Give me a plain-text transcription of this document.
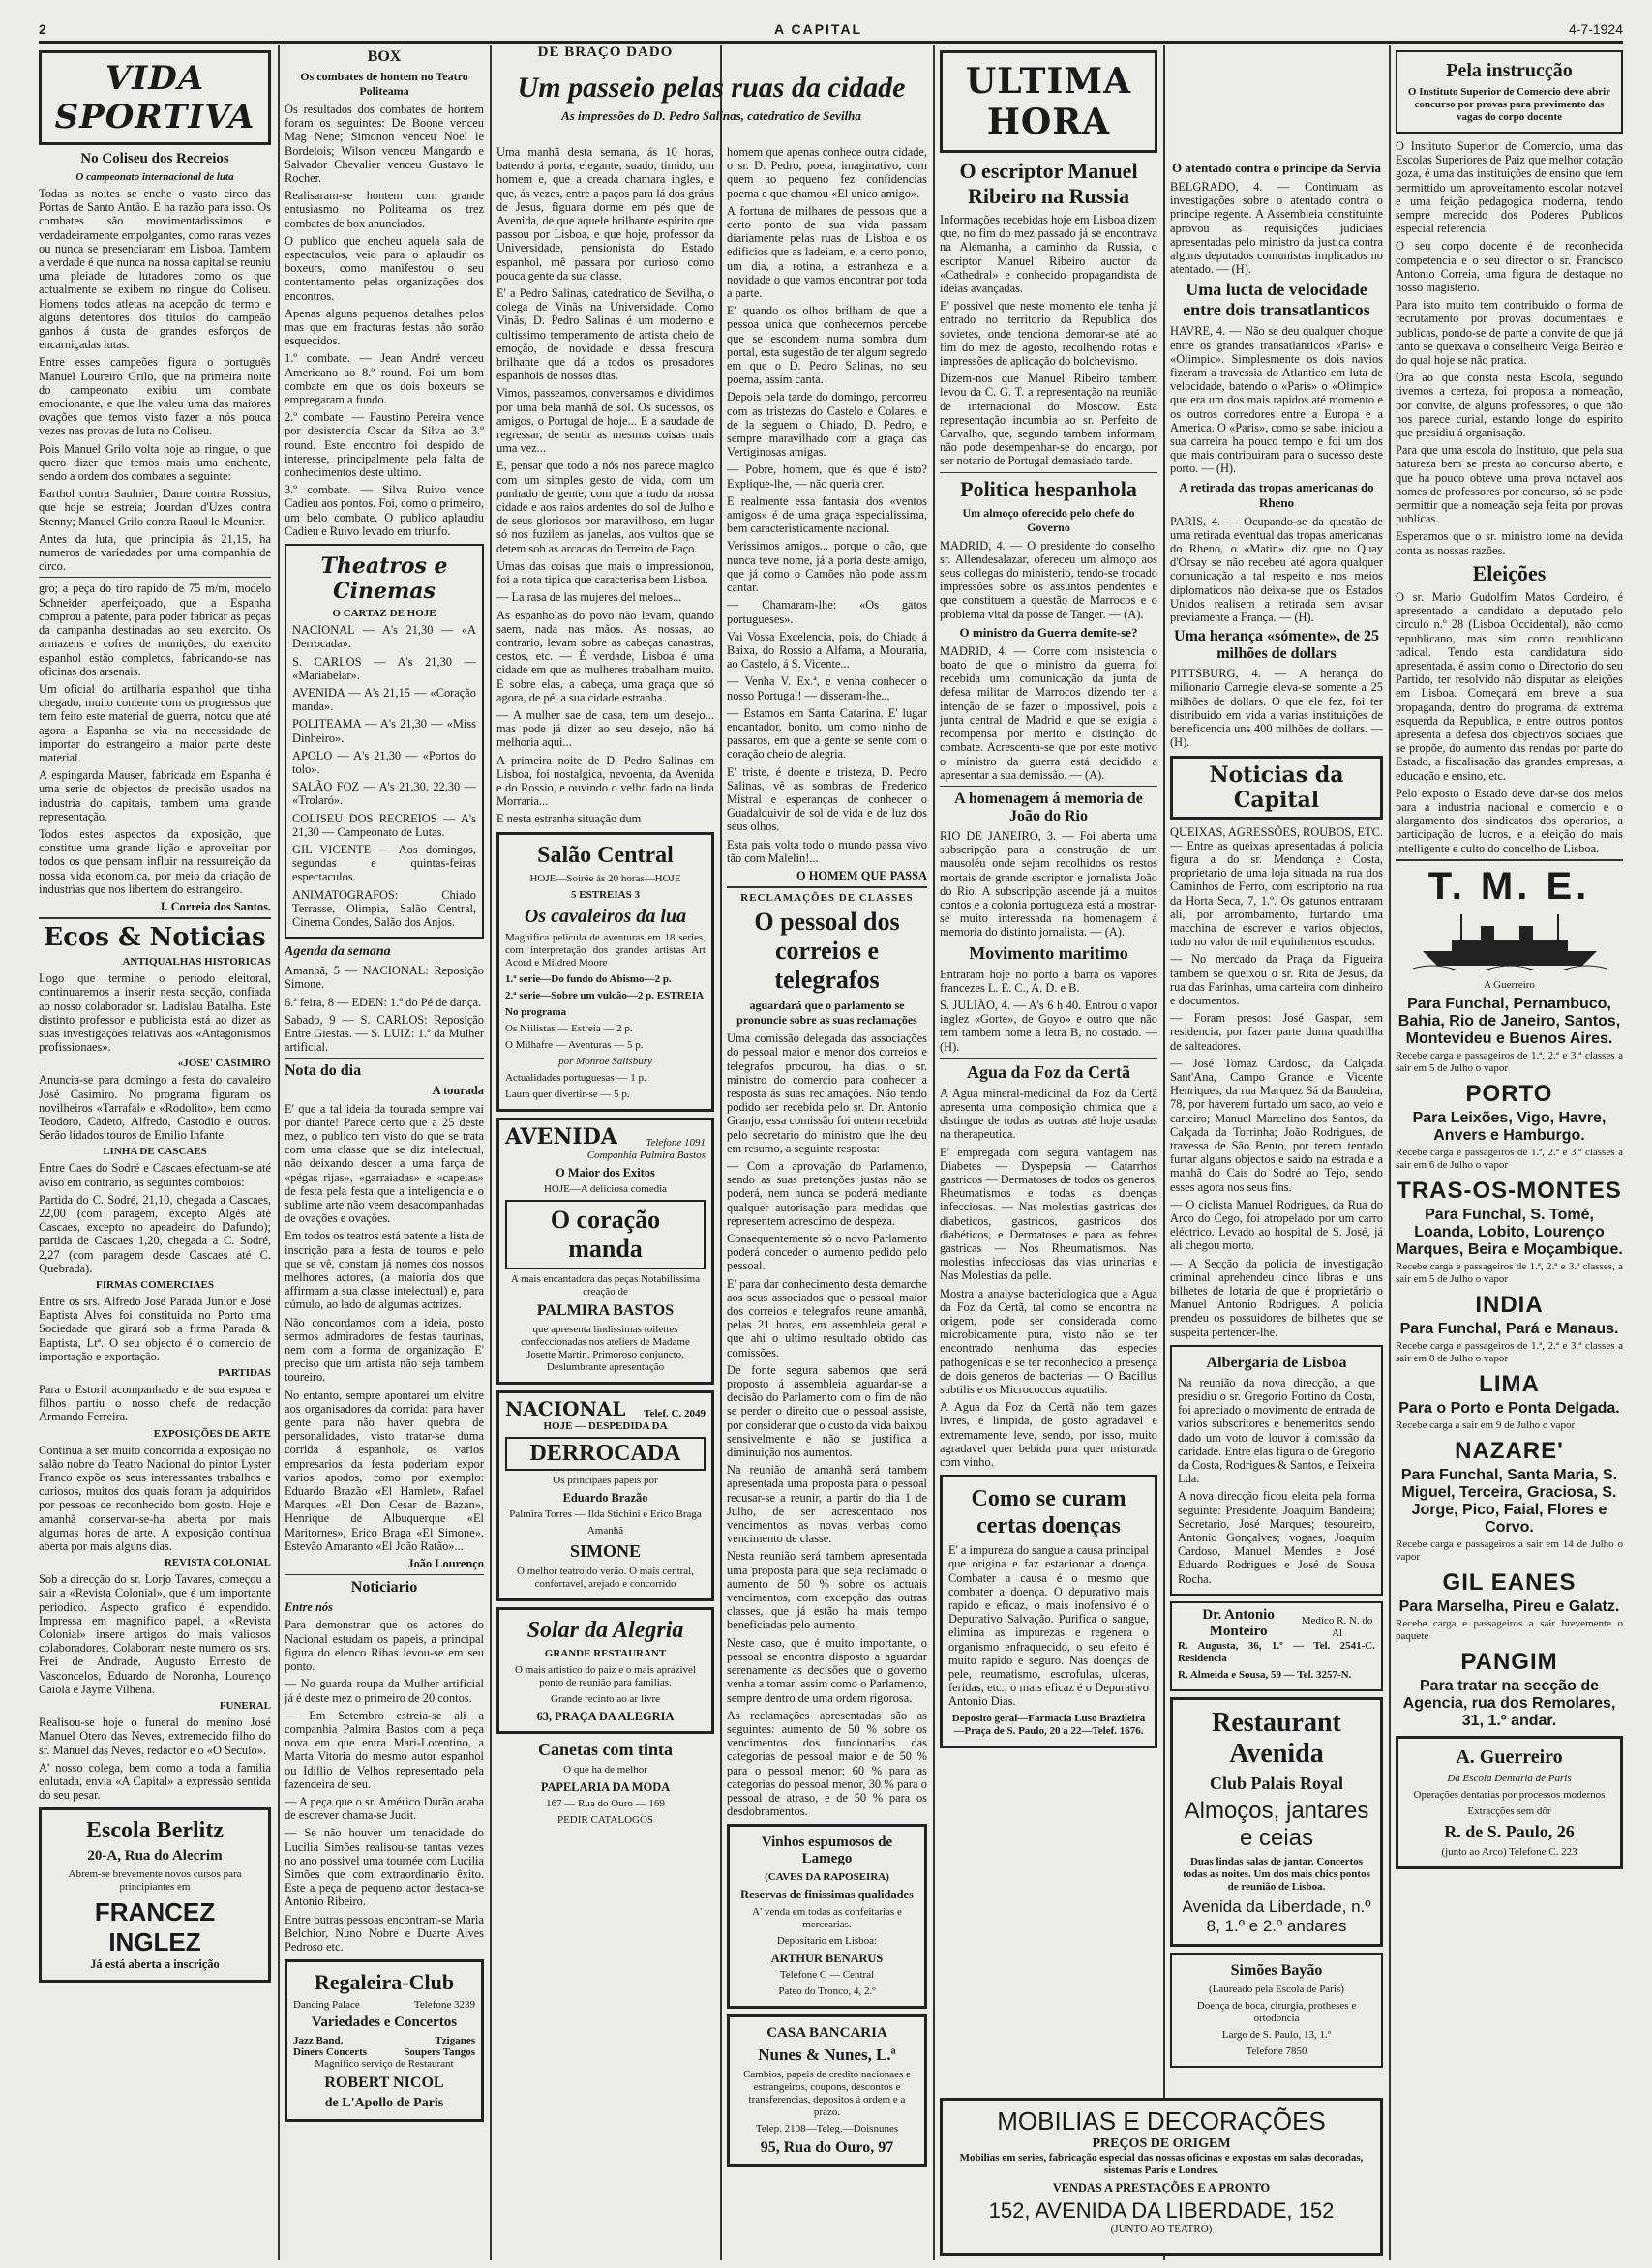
2	A CAPITAL	4-7-1924
VIDA SPORTIVA
No Coliseu dos Recreios
O campeonato internacional de luta

Todas as noites se enche o vasto circo das Portas de Santo Antão. E ha razão para isso. Os combates são movimentadissimos e verdadeiramente empolgantes, como raras vezes ou nunca se presenciaram em Lisboa. Tambem a verdade é que nunca na nossa capital se reuniu uma pleiade de lutadores como os que actualmente se exibem no ringue do Coliseu. Homens todos atletas na acepção do termo e alguns detentores dos titulos do campeão ganhos á custa de grandes esforços de encarniçadas lutas.

Entre esses campeões figura o português Manuel Loureiro Grilo, que na primeira noite do campeonato exibiu um combate emocionante, e que lhe valeu uma das maiores ovações que temos visto fazer a nós pouca vezes nas provas de luta no Coliseu.

Pois Manuel Grilo volta hoje ao ringue, o que quero dizer que temos mais uma enchente, sendo a ordem dos combates a seguinte:

Barthol contra Saulnier; Dame contra Rossius, que hoje se estreia; Jourdan d'Uzes contra Stenny; Manuel Grilo contra Raoul le Meunier.

Antes da luta, que principia ás 21,15, ha numeros de variedades por uma companhia de circo.

gro; a peça do tiro rapido de 75 m/m, modelo Schneider aperfeiçoado, que a Espanha comprou a patente, para poder fabricar as peças da campanha destinadas ao seu exercito. Os armazens e cofres de munições, do exercito espanhol estão completos, fabricando-se nas oficinas dos arsenais.

Um oficial do artilharia espanhol que tinha chegado, muito contente com os progressos que tem feito este material de guerra, notou que até agora a Espanha se via na necessidade de importar do estrangeiro a maior parte deste material.

A espingarda Mauser, fabricada em Espanha é uma serie do objectos de precisão usados na industria do capitais, tambem uma grande representação.

Todos estes aspectos da exposição, que constitue uma grande lição e aproveitar por todos os que pensam influir na ressurreição da nossa vida economica, por meio da criação de industrias que nos libertem do estrangeiro.

J. Correia dos Santos.

Ecos & Noticias
ANTIQUALHAS HISTORICAS

Logo que termine o periodo eleitoral, continuaremos a inserir nesta secção, confiada ao nosso colaborador sr. Ladislau Batalha. Este distinto professor e publicista está ao dizer as suas investigações relativas aos «Antagonismos profissionaes».

«JOSE' CASIMIRO

Anuncia-se para domingo a festa do cavaleiro José Casimiro. No programa figuram os novilheiros «Tarrafal» e «Rodolito», bem como Teodoro, Cadeto, Alfredo, Castodio e outros. Serão lidados touros de Emilio Infante.

LINHA DE CASCAES

Entre Caes do Sodré e Cascaes efectuam-se até aviso em contrario, as seguintes comboios:

Partida do C. Sodré, 21,10, chegada a Cascaes, 22,00 (com paragem, excepto Algés até Cascaes, excepto no apeadeiro do Dafundo); partida de Cascaes 1,20, chegada a C. Sodré, 2,27 (com paragem desde Cascaes até C. Quebrada).

FIRMAS COMERCIAES

Entre os srs. Alfredo José Parada Junior e José Baptista Alves foi constituida no Porto uma Sociedade que girará sob a firma Parada & Baptista, Ltª. O seu objecto é o comercio de importação e exportação.

PARTIDAS

Para o Estoril acompanhado e de sua esposa e filhos partiu o nosso chefe de redacção Armando Ferreira.

EXPOSIÇÕES DE ARTE

Continua a ser muito concorrida a exposição no salão nobre do Teatro Nacional do pintor Lyster Franco expõe os seus interessantes trabalhos e curiosos, muitos dos quais foram ja adquiridos por pessoas de reconhecido bom gosto. Hoje e amanhã conservar-se-ha aberta por mais algumas horas de arte. A exposição continua aberta por mais alguns dias.

REVISTA COLONIAL

Sob a direcção do sr. Lorjo Tavares, começou a sair a «Revista Colonial», que é um importante periodico. Aspecto grafico é expendido. Impressa em magnifico papel, a «Revista Colonial» insere artigos do mais valiosos colaboradores. Colaboram neste numero os srs. Frei de Andrade, Augusto Ernesto de Vasconcelos, Eduardo de Noronha, Lourenço Caiola e Jayme Vilhena.

FUNERAL

Realisou-se hoje o funeral do menino José Manuel Otero das Neves, extremecido filho do sr. Manuel das Neves, redactor e o «O Seculo».

A' nosso colega, bem como a toda a familia enlutada, envia «A Capital» a expressão sentida do seu pesar.

Escola Berlitz
20-A, Rua do Alecrim

Abrem-se brevemente novos cursos para principiantes em

FRANCEZ
INGLEZ

Já está aberta a inscrição

BOX
Os combates de hontem no Teatro Politeama

Os resultados dos combates de hontem foram os seguintes: De Boone venceu Mag Nene; Simonon venceu Noel le Bordelois; Wilson venceu Mangardo e Salvador Chevalier venceu Gustavo le Rocher.

Realisaram-se hontem com grande entusiasmo no Politeama os trez combates de box anunciados.

O publico que encheu aquela sala de espectaculos, veio para o aplaudir os boxeurs, como manifestou o seu contentamento pelas organizações dos encontros.

Apenas alguns pequenos detalhes pelos mas que em fracturas festas não sorão esquecidos.

1.º combate. — Jean André venceu Americano ao 8.º round. Foi um bom combate em que os dois boxeurs se empregaram a fundo.

2.º combate. — Faustino Pereira vence por desistencia Oscar da Silva ao 3.º round. Este encontro foi despido de interesse, principalmente pela falta de conhecimentos deste ultimo.

3.º combate. — Silva Ruivo vence Cadieu aos pontos. Foi, como o primeiro, um belo combate. O publico aplaudiu Cadieu e Ruivo levado em triunfo.

Theatros e Cinemas
O CARTAZ DE HOJE

NACIONAL — A's 21,30 — «A Derrocada».

S. CARLOS — A's 21,30 — «Mariabelar».

AVENIDA — A's 21,15 — «Coração manda».

POLITEAMA — A's 21,30 — «Miss Dinheiro».

APOLO — A's 21,30 — «Portos do tolo».

SALÃO FOZ — A's 21,30, 22,30 — «Trolaró».

COLISEU DOS RECREIOS — A's 21,30 — Campeonato de Lutas.

GIL VICENTE — Aos domingos, segundas e quintas-feiras espectaculos.

ANIMATOGRAFOS: Chiado Terrasse, Olimpia, Salão Central, Cinema Condes, Salão dos Anjos.

Agenda da semana

Amanhã, 5 — NACIONAL: Reposição Simone.

6.ª feira, 8 — EDEN: 1.º do Pé de dança.

Sabado, 9 — S. CARLOS: Reposição Entre Giestas. — S. LUIZ: 1.º da Mulher artificial.

Nota do dia

A tourada

E' que a tal ideia da tourada sempre vai por diante! Parece certo que a 25 deste mez, o publico tem visto do que se trata com uma classe que se diz intelectual, não deixando descer a uma farça de «pégas rijas», «garraiadas» e «capeias» de festa pela festa que a inteligencia e o sublime arte não veem desacompanhadas de ovações e ovações.

Em todos os teatros está patente a lista de inscrição para a festa de touros e pelo que se vê, constam já nomes dos nossos melhores actores, (a maioria dos que affirmam a sua classe intelectual) e, para cúmulo, ao lado de algumas actrizes.

Não concordamos com a ideia, posto sermos admiradores de festas taurinas, nem com a forma de organização. E' preciso que um artista não seja tambem toureiro.

No entanto, sempre apontarei um elvitre aos organisadores da corrida: para haver gente para não haver quebra de personalidades, visto tratar-se duma corrida á espanhola, os varios empresarios da festa poderiam expor varios apodos, como por exemplo: Eduardo Brazão «El Hamlet», Rafael Marques «El Don Cesar de Bazan», Henrique de Albuquerque «El Maritornes», Erico Braga «El Simone», Estevão Amaranto «El João Ratão»...

João Lourenço

Noticiario

Entre nós

Para demonstrar que os actores do Nacional estudam os papeis, a principal figura do elenco Ribas levou-se em seu ponto.

— No guarda roupa da Mulher artificial já é deste mez o primeiro de 20 contos.

— Em Setembro estreia-se ali a companhia Palmira Bastos com a peça nova em que entra Mari-Lorentino, a Marta Vitoria do mesmo autor espanhol ou Idillio de Velhos representado pela fazendeira de seu.

— A peça que o sr. Américo Durão acaba de escrever chama-se Judit.

— Se não houver um tenacidade do Lucilia Simões realisou-se tantas vezes no ano possivel uma tournée com Lucilia Simões que com extraordinario êxito. Este a peça de pequeno actor destaca-se Antonio Ribeiro.

Entre outras pessoas encontram-se Maria Belchior, Nuno Nobre e Duarte Alves Pedroso etc.

Regaleira-Club
Dancing Palace	Telefone 3239
Variedades e Concertos
Jazz Band.	Tziganes
Diners Concerts	Soupers Tangos

Magnifico serviço de Restaurant

ROBERT NICOL
de L'Apollo de Paris
DE BRAÇO DADO
Um passeio pelas ruas da cidade
As impressões do D. Pedro Salinas, catedratico de Sevilha

Uma manhã desta semana, ás 10 horas, batendo á porta, elegante, suado, timido, um homem e, que a creada chamara ingles, e que, ás vezes, entre a paços para lá dos gráus de Jesus, figuara dorme em pés que de Avenida, de que aquele brilhante espirito que passou por Lisboa, e que hoje, professor da Universidade, pensionista do Estado espanhol, mê passara por curioso como pouca gente da sua classe.

E' a Pedro Salinas, catedratico de Sevilha, o colega de Vinãs na Universidade. Como Vinãs, D. Pedro Salinas é um moderno e cultissimo temperamento de artista cheio de emoção, de novidade e dessa frescura brilhante que dá a todos os prosadores espanhois de nossos dias.

Vimos, passeamos, conversamos e dividimos por uma bela manhã de sol. Os sucessos, os amigos, o Portugal de hoje... E a saudade de regressar, de sentir as mesmas coisas mais uma vez...

E, pensar que todo a nós nos parece magico com um simples gesto de vida, com um punhado de gente, com que a tudo da nossa cidade e aos raios ardentes do sol de Julho e de seus gloriosos por maravilhoso, em lugar só nos fuzilem as janelas, aos vultos que se detem sob as arcadas do Terreiro de Paço.

Umas das coisas que mais o impressionou, foi a nota tipica que caracterisa bem Lisboa.

— La rasa de las mujeres del meloes...

As espanholas do povo não levam, quando saem, nada nas mãos. As nossas, ao contrario, levam sobre as cabeças canastras, cestos, etc. — É verdade, Lisboa é uma cidade em que as mulheres trabalham muito. E sobre elas, a cabeça, uma graça que só agora, de pé, a sua cidade estranha.

— A mulher sae de casa, tem um desejo... mas pode já dizer ao seu desejo, não há melhoria aqui...

A primeira noite de D. Pedro Salinas em Lisboa, foi nostalgica, nevoenta, da Avenida e do Rossio, e ouvindo o velho fado na linda Morraria...

E nesta estranha situação dum

Salão Central

HOJE—Soirée ás 20 horas—HOJE

5 ESTREIAS 3

Os cavaleiros da lua

Magnifica pelicula de aventuras em 18 series, com interpretação dos grandes artistas Art Acord e Mildred Moore

1.ª serie—Do fundo do Abismo—2 p.

2.ª serie—Sobre um vulcão—2 p. ESTREIA

No programa

Os Niilistas — Estreia — 2 p.

O Milhafre — Aventuras — 5 p.

por Monroe Salisbury

Actualidades portuguesas — 1 p.

Laura quer divertir-se — 5 p.

AVENIDA	Telefone 1091

Companhia Palmira Bastos

O Maior dos Exitos

HOJE—A deliciosa comedia

O coração manda

A mais encantadora das peças Notabilissima creação de

PALMIRA BASTOS

que apresenta lindissimas toilettes confeccionadas nos ateliers de Madame Josette Martin. Primoroso conjuncto. Deslumbrante apresentação

NACIONAL Telef. C. 2049

HOJE — DESPEDIDA DA

DERROCADA

Os principaes papeis por

Eduardo Brazão

Palmira Torres — Ilda Stichini e Erico Braga

Amanhã

SIMONE

O melhor teatro do verão. O mais central, confortavel, arejado e concorrido

Solar da Alegria

GRANDE RESTAURANT

O mais artistico do paiz e o mais aprazivel ponto de reunião para familias.

Grande recinto ao ar livre

63, PRAÇA DA ALEGRIA

Canetas com tinta

O que ha de melhor

PAPELARIA DA MODA

167 — Rua do Ouro — 169

PEDIR CATALOGOS

homem que apenas conhece outra cidade, o sr. D. Pedro, poeta, imaginativo, com quem ao pequeno fez confidencias poema e que chamou «El unico amigo».

A fortuna de milhares de pessoas que a certo ponto de sua vida passam diariamente pelas ruas de Lisboa e os edificios que as ladeiam, e, a certo ponto, um dia, a rotina, a estranheza e a novidade o que vamos encontrar por toda a parte.

E' quando os olhos brilham de que a pessoa unica que conhecemos percebe que se escondem numa sombra dum portal, esta sugestão de ter algum segredo em que o D. Pedro Salinas, no seu poema, assim canta.

Depois pela tarde do domingo, percorreu com as tristezas do Castelo e Colares, e de la seguem o Chiado, D. Pedro, e sempre maravilhado com a graça das Vertiginosas amigas.

— Pobre, homem, que és que é isto? Explique-lhe, — não queria crer.

E realmente essa fantasia dos «ventos amigos» é de uma graça especialissima, bem caracteristicamente nacional.

Verissimos amigos... porque o cão, que nunca teve nome, já a porta deste amigo, que já como o Camões não pode assim cantar.

— Chamaram-lhe: «Os gatos portugueses».

Vai Vossa Excelencia, pois, do Chiado á Baixa, do Rossio a Alfama, a Mouraria, ao Castelo, á S. Vicente...

— Venha V. Ex.ª, e venha conhecer o nosso Portugal! — disseram-lhe...

— Estamos em Santa Catarina. E' lugar encantador, bonito, um como ninho de passaros, em que a gente se sente com o coração cheio de alegria.

E' triste, é doente e tristeza, D. Pedro Salinas, vê as sombras de Frederico Mistral e esperanças de conhecer o Guadalquivir de sol de vida e de luz dos seus olhos.

Esta pais volta todo o mundo passa vivo tão com Malelin!...

O HOMEM QUE PASSA

RECLAMAÇÕES DE CLASSES
O pessoal dos correios e telegrafos
aguardará que o parlamento se pronuncie sobre as suas reclamações

Uma comissão delegada das associações do pessoal maior e menor dos correios e telegrafos procurou, ha dias, o sr. ministro do comercio para conhecer a resposta ás suas reclamações. Não tendo podido ser recebida pelo sr. Dr. Antonio Granjo, essa comissão foi ontem recebida pelo secretario do ministro que lhe deu em resumo, a seguinte resposta:

— Com a aprovação do Parlamento, sendo as suas pretenções justas não se poderá, nem nunca se poderá mediante qualquer autorisação para medidas que representem acrescimo de despeza.

Consequentemente só o novo Parlamento poderá conceder o aumento pedido pelo pessoal.

E' para dar conhecimento desta demarche aos seus associados que o pessoal maior dos correios e telegrafos reune amanhã, pelas 21 horas, em assembleia geral e que ahi o ultimo resultado obtido das comissões.

De fonte segura sabemos que será proposto á assembleia aguardar-se a decisão do Parlamento com o fim de não se perder o direito que o pessoal assiste, por considerar que o custo da vida baixou sensivelmente e não se justifica a diminuição nos aumentos.

Na reunião de amanhã será tambem apresentada uma proposta para o pessoal recusar-se a reunir, a partir do dia 1 de Julho, de ser acrescentado nos vencimentos as novas verbas como vencimento de classe.

Nesta reunião será tambem apresentada uma proposta para que seja reclamado o aumento de 50 % sobre os actuais vencimentos, com excepção das outras classes, que já estão ha mais tempo beneficiadas pelo aumento.

Neste caso, que é muito importante, o pessoal se encontra disposto a aguardar serenamente as decisões que o governo venha a tomar, assim como o Parlamento, sempre dentro de uma ordem rigorosa.

As reclamações apresentadas são as seguintes: aumento de 50 % sobre os vencimentos dos funcionarios das categorias de pessoal maior e de 50 % para o pessoal menor; 60 % para as categorias do pessoal menor, 30 % para o pessoal de atraso, e de 50 % para os desdobramentos.

Vinhos espumosos de Lamego

(CAVES DA RAPOSEIRA)

Reservas de finissimas qualidades

A' venda em todas as confeitarias e mercearias.

Depositario em Lisboa:

ARTHUR BENARUS

Telefone C — Central

Pateo do Tronco, 4, 2.º

CASA BANCARIA
Nunes & Nunes, L.ª

Cambios, papeis de credito nacionaes e estrangeiros, coupons, descontos e transferencias, depositos á ordem e a prazo.

Telep. 2108—Teleg.—Doisnunes

95, Rua do Ouro, 97
ULTIMA HORA
O escriptor Manuel Ribeiro na Russia

Informações recebidas hoje em Lisboa dizem que, no fim do mez passado já se encontrava na Alemanha, a caminho da Russia, o escriptor Manuel Ribeiro auctor da «Cathedral» e conhecido propagandista de ideias avançadas.

E' possivel que neste momento ele tenha já entrado no territorio da Republica dos sovietes, onde tenciona demorar-se até ao fim do mez de agosto, recolhendo notas e impressões de aplicação do bolchevismo.

Dizem-nos que Manuel Ribeiro tambem levou da C. G. T. a representação na reunião de internacional do Moscow. Esta representação incumbia ao sr. Perfeito de Carvalho, que, segundo tambem informam, não pode desempenhar-se do encargo, por ser notario de Portugal demasiado tarde.

Politica hespanhola
Um almoço oferecido pelo chefe do Governo

MADRID, 4. — O presidente do conselho, sr. Allendesalazar, ofereceu um almoço aos seus collegas do ministerio, tendo-se trocado impressões sobre os assuntos pendentes e que constituem a questão de Marrocos e o problema vital da posse de Tanger. — (A).

O ministro da Guerra demite-se?

MADRID, 4. — Corre com insistencia o boato de que o ministro da guerra foi recebida uma comunicação da junta de defesa militar de Marrocos dizendo ter a intenção de se fazer o impossivel, pois a junta central de Madrid e que se exigia a recompensa por merito e distinção do combate. Acrescenta-se que por este motivo o ministro da guerra está decidido a apresentar a sua demissão. — (A).

A homenagem á memoria de João do Rio

RIO DE JANEIRO, 3. — Foi aberta uma subscripção para a construção de um mausoléu onde sejam recolhidos os restos mortais de grande escriptor e jornalista João do Rio. A subscripção ascende já a muitos contos e a colonia portugueza está a mostrar-se muito interessada na homenagem á memoria do distinto jornalista. — (A).

Movimento maritimo

Entraram hoje no porto a barra os vapores francezes L. E. C., A. D. e B.

S. JULIÃO, 4. — A's 6 h 40. Entrou o vapor inglez «Gorte», de Goyo» e outro que não tem tambem nome a letra B, no costado. — (H).

Agua da Foz da Certã

A Agua mineral-medicinal da Foz da Certã apresenta uma composição chimica que a distingue de todas as outras até hoje usadas na therapeutica.

E' empregada com segura vantagem nas Diabetes — Dyspepsia — Catarrhos gastricos — Dermatoses de todos os generos, Rheumatismos e todas as doenças infecciosas. — Nas molestias gastricas dos diabeticos, gastricos, gastricos dos diabéticos, e Dermatoses e para as febres gastricas — Nos Rheumatismos. Nas molestias infecciosas das vias urinarias e Nas Molestias da pelle.

Mostra a analyse bacteriologica que a Agua da Foz da Certã, tal como se encontra na origem, pode ser considerada como microbicamente pura, visto não se ter encontrado nenhuma das especies pathogenicas e se ter reconhecido a presença de dois generos de bacterias — O Bacillus subtilis e os Micrococcus aquatilis.

A Agua da Foz da Certã não tem gazes livres, é limpida, de gosto agradavel e extremamente leve, sendo, por isso, muito agradavel quer bebida pura quer misturada com vinho.

Como se curam certas doenças

E' a impureza do sangue a causa principal que origina e faz estacionar a doença. Combater a causa é o mesmo que combater a doença. O depurativo mais rapido e eficaz, o mais inofensivo é o Depurativo Salvação. Purifica o sangue, elimina as impurezas e regenera o organismo enfraquecido, o seu efeito é muito rapido e seguro. Nas doenças de pele, reumatismo, escrofulas, ulceras, feridas, etc., o mais eficaz é o Depurativo Antonio Dias.

Deposito geral—Farmacia Luso Brazileira—Praça de S. Paulo, 20 a 22—Telef. 1676.

O atentado contra o principe da Servia

BELGRADO, 4. — Continuam as investigações sobre o atentado contra o principe regente. A Assembleia constituinte aprovou as requisições judiciaes apresentadas pelo ministro da justica contra alguns deputados comunistas implicados no atentado. — (H).

Uma lucta de velocidade entre dois transatlanticos

HAVRE, 4. — Não se deu qualquer choque entre os grandes transatlanticos «Paris» e «Olimpic». Simplesmente os dois navios fizeram a travessia do Atlantico em luta de velocidade, batendo o «Paris» o «Olimpic» que era um dos mais rapidos até momento e os outros corredores entre a Europa e a America. O «Paris», como se sabe, iniciou a sua carreira ha pouco tempo e foi um dos que mais contribuiram para o sucesso deste porto. — (H).

A retirada das tropas americanas do Rheno

PARIS, 4. — Ocupando-se da questão de uma retirada eventual das tropas americanas do Rheno, o «Matin» diz que no Quay d'Orsay se não recebeu até agora qualquer comunicação a tal respeito e nos meios diplomaticos não deixa-se que os Estados Unidos realisem a retirada sem avisar previamente a França. — (H).

Uma herança «sómente», de 25 milhões de dollars

PITTSBURG, 4. — A herança do milionario Carnegie eleva-se somente a 25 milhões de dollars. O que ele fez, foi ter distribuido em vida a varias instituições de beneficencia uns 400 milhões de dollars. — (H).

Noticias da Capital

QUEIXAS, AGRESSÕES, ROUBOS, ETC. — Entre as queixas apresentadas á policia figura a do sr. Mendonça e Costa, proprietario de uma loja situada na rua dos Caminhos de Ferro, com escriptorio na rua da Horta Seca, 7, 1.º. Os gatunos entraram ali, por arrombamento, furtando uma macchina de escrever e varios objectos, tudo no valor de mil e quinhentos escudos.

— No mercado da Praça da Figueira tambem se queixou o sr. Rita de Jesus, da rua das Farinhas, uma carteira com dinheiro e documentos.

— Foram presos: José Gaspar, sem residencia, por fazer parte duma quadrilha de salteadores.

— José Tomaz Cardoso, da Calçada Sant'Ana, Campo Grande e Vicente Henriques, da rua Marquez Sá da Bandeira, 78, por haverem furtado um saco, ao veio e carteiro; Manuel Marcelino dos Santos, da Calçada da Torrinha; João Rodrigues, de travessa de São Bento, por terem tentado furtar alguns objectos e saido na estrada e a manhã do Cais do Sodré ao Tejo, sendo esses agora nos seus fins.

— O ciclista Manuel Rodrigues, da Rua do Arco do Cego, foi atropelado por um carro eléctrico. Levado ao hospital de S. José, já ali chegou morto.

— A Secção da policia de investigação criminal aprehendeu cinco libras e uns bilhetes de lotaria de que é proprietário o Manuel Antonio Rodrigues. A policia prendeu os possuidores de bilhetes que se suspeita pertencer-lhe.

Albergaria de Lisboa

Na reunião da nova direcção, a que presidiu o sr. Gregorio Fortino da Costa, foi apreciado o movimento de entrada de varios subscritores e benemeritos sendo dado um voto de louvor á comissão da caridade. Entre elas figura o de Gregorio da Costa, Rodrigues & Santos, e Teixeira Lda.

A nova direcção ficou eleita pela forma seguinte: Presidente, Joaquim Bandeira; Secretario, José Marques; tesoureiro, Antonio Gonçalves; vogaes, Joaquim Cardoso, Manuel Mendes e José Eduardo Rodrigues e José de Sousa Rocha.

Dr. Antonio Monteiro
Medico R. N. do Al

R. Augusta, 36, 1.º — Tel. 2541-C. Residencia

R. Almeida e Sousa, 59 — Tel. 3257-N.

Restaurant Avenida
Club Palais Royal
Almoços, jantares e ceias

Duas lindas salas de jantar. Concertos todas as noites. Um dos mais chics pontos de reunião de Lisboa.

Avenida da Liberdade, n.º 8, 1.º e 2.º andares
Simões Bayão

(Laureado pela Escola de Paris)

Doença de boca, cirurgia, protheses e ortodoncia

Largo de S. Paulo, 13, 1.º

Telefone 7850

MOBILIAS E DECORAÇÕES
PREÇOS DE ORIGEM

Mobilias em series, fabricação especial das nossas oficinas e expostas em salas decoradas, sistemas Paris e Londres.

VENDAS A PRESTAÇÕES E A PRONTO

152, AVENIDA DA LIBERDADE, 152

(JUNTO AO TEATRO)

Pela instrucção
O Instituto Superior de Comercio deve abrir concurso por provas para provimento das vagas do corpo docente

O Instituto Superior de Comercio, uma das Escolas Superiores de Paiz que melhor cotação goza, é uma das instituições de ensino que tem permittido um aproveitamento escolar notavel e uma feição pedagogica moderna, tendo sempre merecido dos Poderes Publicos especial referencia.

O seu corpo docente é de reconhecida competencia e o seu director o sr. Francisco Antonio Correia, uma figura de destaque no nosso magisterio.

Para isto muito tem contribuido o forma de recrutamento por provas documentaes e publicas, pondo-se de parte a convite de que já tanto se queixava o conselheiro Veiga Beirão e do qual hoje se não pratica.

Ora ao que consta nesta Escola, segundo tivemos a certeza, foi proposta a nomeação, por convite, de alguns professores, o que não nos parece curial, estando longe do espirito que presidiu á organisação.

Para que uma escola do Instituto, que pela sua natureza bem se presta ao concurso aberto, e que ha pouco obteve uma prova notavel aos nomes de professores por concurso, só se pode permittir que a nomeação seja feita por provas publicas.

Esperamos que o sr. ministro tome na devida conta as nossas razões.

Eleições

O sr. Mario Gudolfim Matos Cordeiro, é apresentado a candidato a deputado pelo circulo n.º 28 (Lisboa Occidental), não como republicano, mas sim como republicano radical. Tendo esta candidatura sido apresentada, é assim como o Directorio do seu Partido, ter resolvido não disputar as eleições em Lisboa. Começará em breve a sua propaganda, dentro do programa da extrema esquerda da Republica, e entre outros pontos apresenta a defesa dos objectivos sociaes que se propõe, do aumento das rendas por parte do Estado, a fiscalisação das grandes empresas, a educação e ensino, etc.

Pelo exposto o Estado deve dar-se dos meios para a industria nacional e comercio e o alargamento dos sindicatos dos operarios, a participação de lucros, e a eleição do mais intelligente e culto do concelho de Lisboa.

T. M. E.

A Guerreiro

Para Funchal, Pernambuco, Bahia, Rio de Janeiro, Santos, Montevideu e Buenos Aires.

Recebe carga e passageiros de 1.ª, 2.ª e 3.ª classes a sair em 5 de Julho o vapor

PORTO
Para Leixões, Vigo, Havre, Anvers e Hamburgo.

Recebe carga e passageiros de 1.ª, 2.ª e 3.ª classes a sair em 6 de Julho o vapor

TRAS-OS-MONTES
Para Funchal, S. Tomé, Loanda, Lobito, Lourenço Marques, Beira e Moçambique.

Recebe carga e passageiros de 1.ª, 2.ª e 3.ª classes, a sair em 5 de Julho o vapor

INDIA
Para Funchal, Pará e Manaus.

Recebe carga e passageiros de 1.ª, 2.ª e 3.ª classes a sair em 8 de Julho o vapor

LIMA
Para o Porto e Ponta Delgada.

Recebe carga a sair em 9 de Julho o vapor

NAZARE'
Para Funchal, Santa Maria, S. Miguel, Terceira, Graciosa, S. Jorge, Pico, Faial, Flores e Corvo.

Recebe carga e passageiros a sair em 14 de Julho o vapor

GIL EANES
Para Marselha, Pireu e Galatz.

Recebe carga e passageiros a sair brevemente o paquete

PANGIM
Para tratar na secção de Agencia, rua dos Remolares, 31, 1.º andar.
A. Guerreiro

Da Escola Dentaria de Paris

Operações dentarias por processos modernos

Extracções sem dôr

R. de S. Paulo, 26

(junto ao Arco) Telefone C. 223
